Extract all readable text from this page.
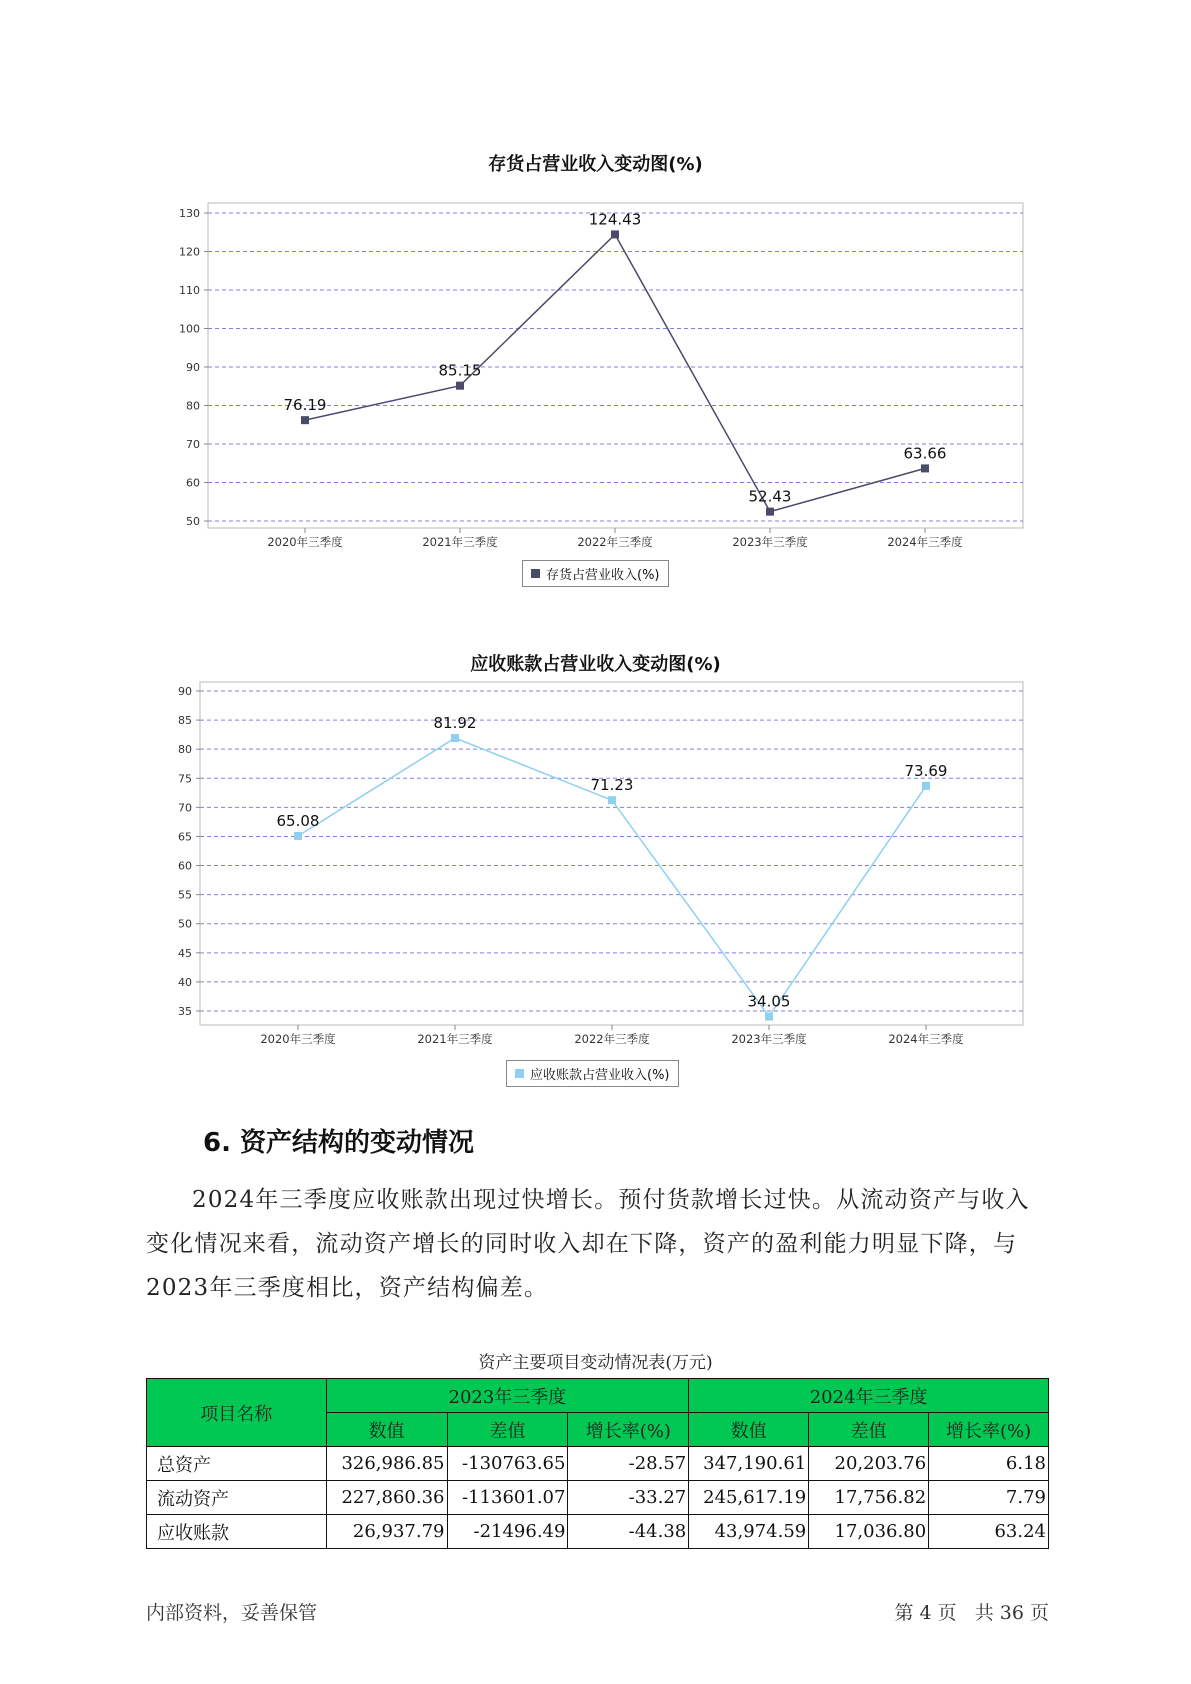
存货占营业收入变动图(%)
50
60
70
80
90
100
110
120
130
2020年三季度	2021年三季度	2022年三季度	2023年三季度	2024年三季度
76.19
85.15
124.43
52.43
63.66
存货占营业收入(%)
应收账款占营业收入变动图(%)
35
40
45
50
55
60
65
70
75
80
85
90
2020年三季度	2021年三季度	2022年三季度	2023年三季度	2024年三季度
65.08
81.92
71.23
34.05
73.69
应收账款占营业收入(%)
6. 资产结构的变动情况

2024年三季度应收账款出现过快增长。预付货款增长过快。从流动资产与收入变化情况来看，流动资产增长的同时收入却在下降，资产的盈利能力明显下降，与2023年三季度相比，资产结构偏差。

资产主要项目变动情况表(万元)
项目名称	2023年三季度			2024年三季度		
	数值	差值	增长率(%)	数值	差值	增长率(%)
总资产	326,986.85	-130763.65	-28.57	347,190.61	20,203.76	6.18
流动资产	227,860.36	-113601.07	-33.27	245,617.19	17,756.82	7.79
应收账款	26,937.79	-21496.49	-44.38	43,974.59	17,036.80	63.24
内部资料，妥善保管	第 4 页   共 36 页
